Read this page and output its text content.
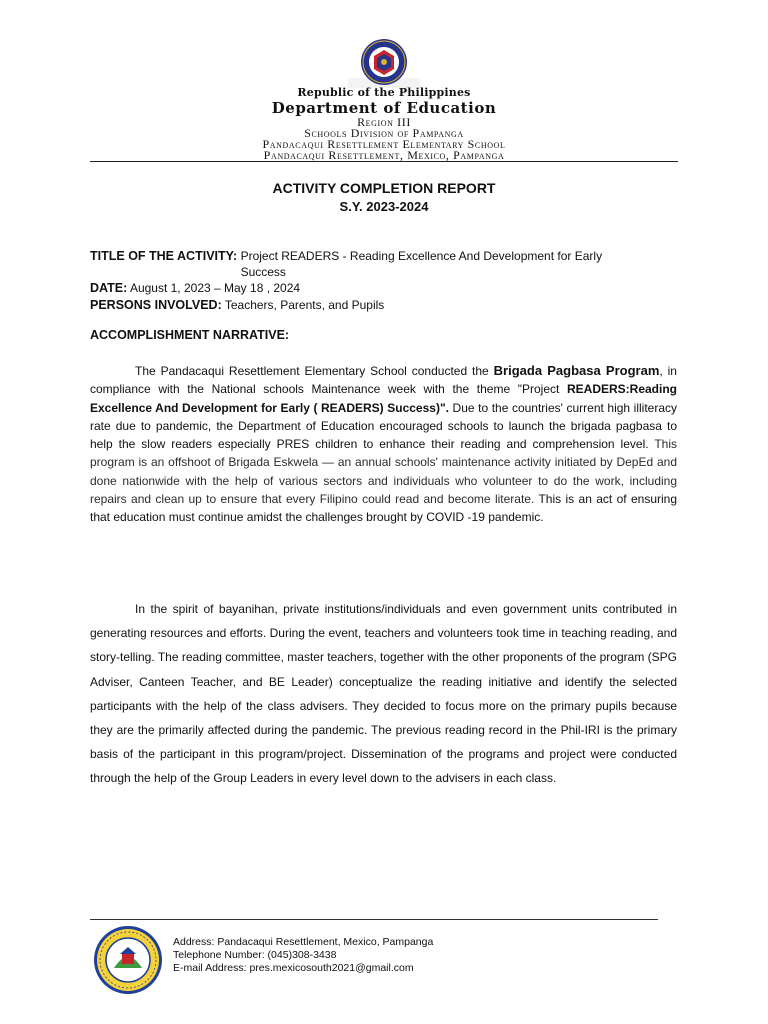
Republic of the Philippines
Department of Education
Region III
Schools Division of Pampanga
Pandacaqui Resettlement Elementary School
Pandacaqui Resettlement, Mexico, Pampanga
ACTIVITY COMPLETION REPORT
S.Y. 2023-2024
TITLE OF THE ACTIVITY: Project READERS - Reading Excellence And Development for Early Success
DATE: August 1, 2023 – May 18 , 2024
PERSONS INVOLVED: Teachers, Parents, and Pupils
ACCOMPLISHMENT NARRATIVE:

The Pandacaqui Resettlement Elementary School conducted the Brigada Pagbasa Program, in compliance with the National schools Maintenance week with the theme "Project READERS:Reading Excellence And Development for Early ( READERS) Success)". Due to the countries' current high illiteracy rate due to pandemic, the Department of Education encouraged schools to launch the brigada pagbasa to help the slow readers especially PRES children to enhance their reading and comprehension level. This program is an offshoot of Brigada Eskwela — an annual schools' maintenance activity initiated by DepEd and done nationwide with the help of various sectors and individuals who volunteer to do the work, including repairs and clean up to ensure that every Filipino could read and become literate. This is an act of ensuring that education must continue amidst the challenges brought by COVID -19 pandemic.

In the spirit of bayanihan, private institutions/individuals and even government units contributed in generating resources and efforts. During the event, teachers and volunteers took time in teaching reading, and story-telling. The reading committee, master teachers, together with the other proponents of the program (SPG Adviser, Canteen Teacher, and BE Leader) conceptualize the reading initiative and identify the selected participants with the help of the class advisers. They decided to focus more on the primary pupils because they are the primarily affected during the pandemic. The previous reading record in the Phil-IRI is the primary basis of the participant in this program/project. Dissemination of the programs and project were conducted through the help of the Group Leaders in every level down to the advisers in each class.

Address: Pandacaqui Resettlement, Mexico, Pampanga
Telephone Number: (045)308-3438
E-mail Address: pres.mexicosouth2021@gmail.com
